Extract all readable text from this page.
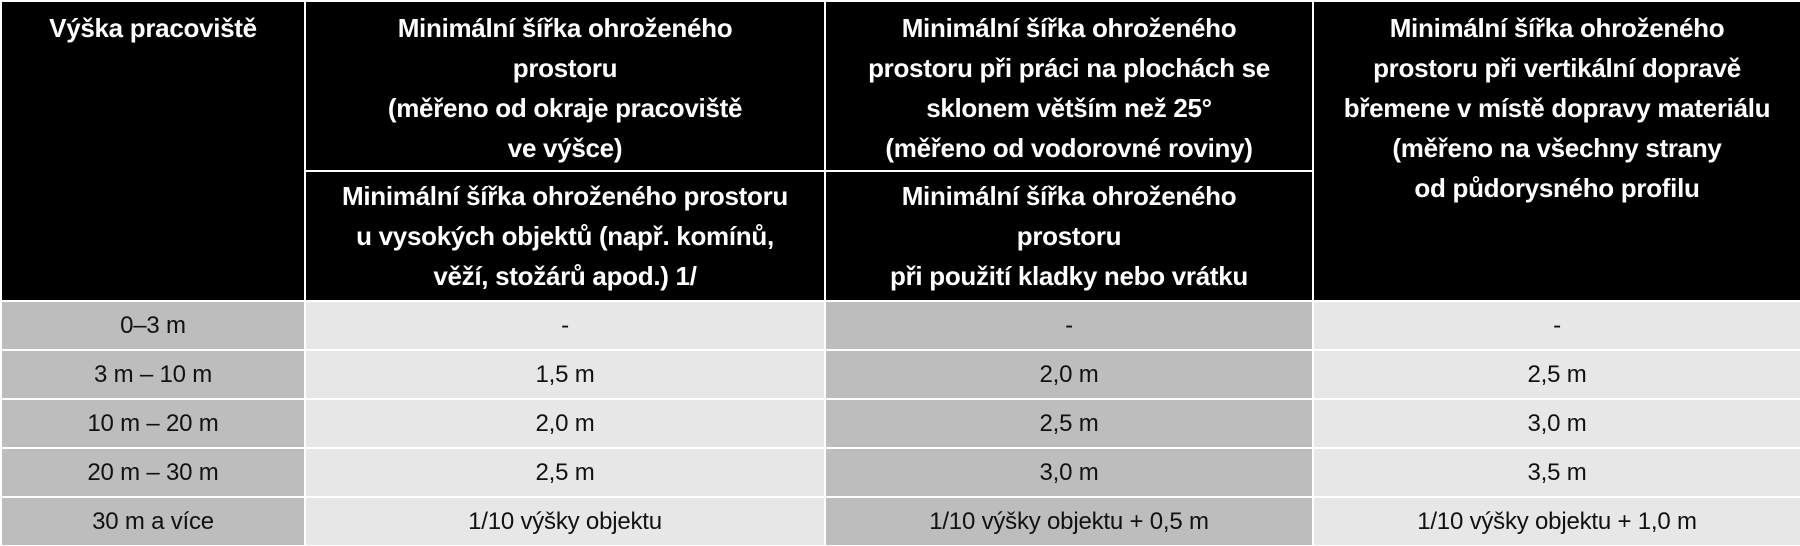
Výška pracoviště	Minimální šířka ohroženého
prostoru
(měřeno od okraje pracoviště
ve výšce)	Minimální šířka ohroženého
prostoru při práci na plochách se
sklonem větším než 25°
(měřeno od vodorovné roviny)	Minimální šířka ohroženého
prostoru při vertikální dopravě
břemene v místě dopravy materiálu
(měřeno na všechny strany
od půdorysného profilu

	Minimální šířka ohroženého prostoru
u vysokých objektů (např. komínů,
věží, stožárů apod.) 1/	Minimální šířka ohroženého
prostoru
při použití kladky nebo vrátku	

0–3 m	-	-	-
3 m – 10 m	1,5 m	2,0 m	2,5 m
10 m – 20 m	2,0 m	2,5 m	3,0 m
20 m – 30 m	2,5 m	3,0 m	3,5 m
30 m a více	1/10 výšky objektu	1/10 výšky objektu + 0,5 m	1/10 výšky objektu + 1,0 m
